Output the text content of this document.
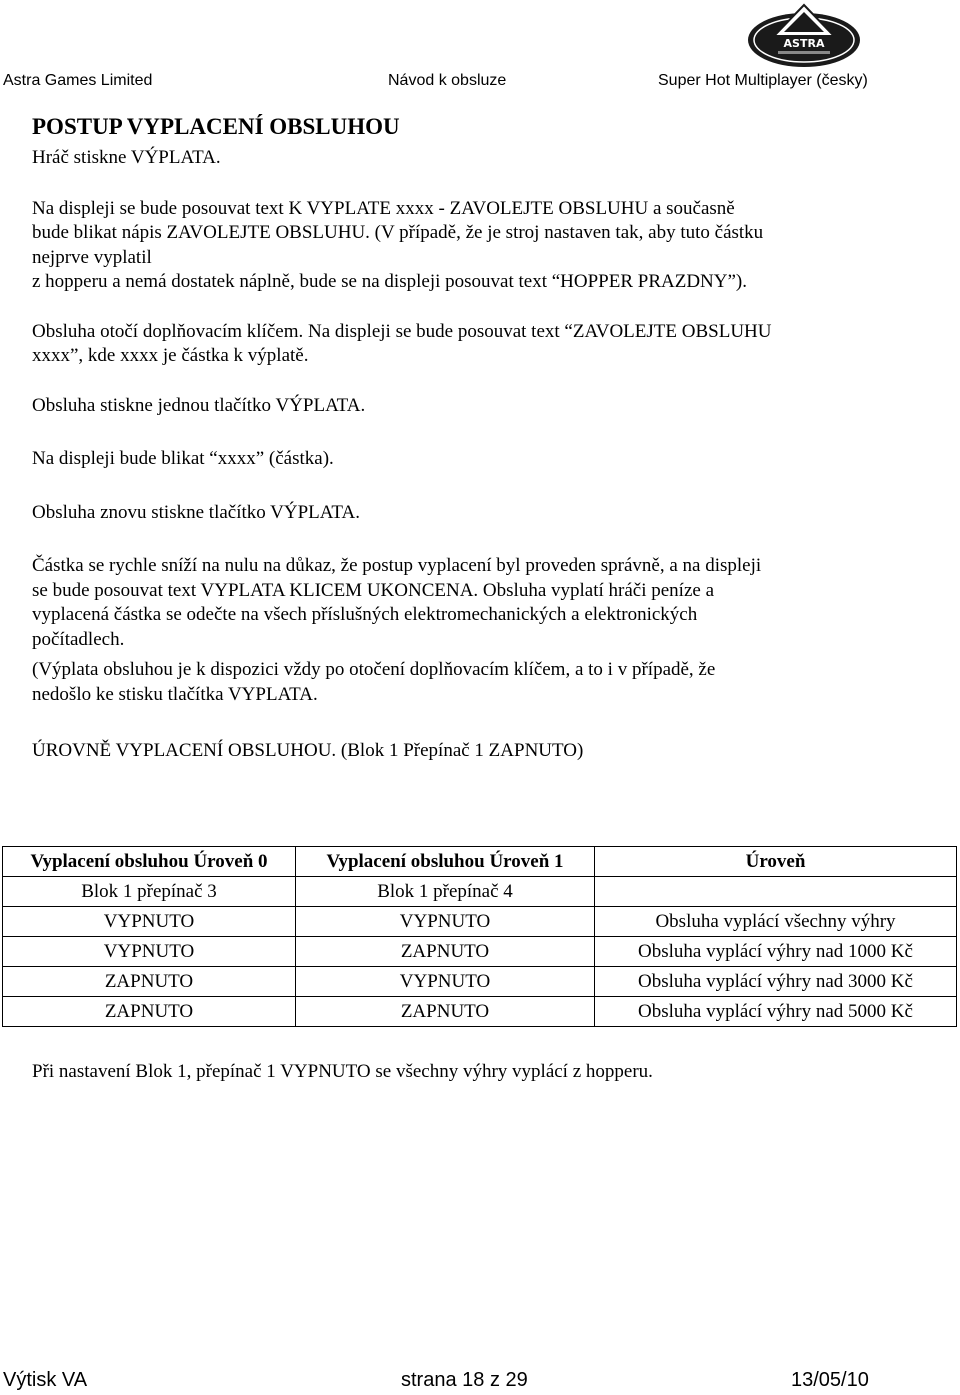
ASTRA
Astra Games Limited	Návod k obsluze	Super Hot Multiplayer (česky)
POSTUP VYPLACENÍ OBSLUHOU

Hráč stiskne VÝPLATA.

Na displeji se bude posouvat text K VYPLATE xxxx - ZAVOLEJTE OBSLUHU a současně

bude blikat nápis ZAVOLEJTE OBSLUHU. (V případě, že je stroj nastaven tak, aby tuto částku

nejprve vyplatil

z hopperu a nemá dostatek náplně, bude se na displeji posouvat text “HOPPER PRAZDNY”).

Obsluha otočí doplňovacím klíčem. Na displeji se bude posouvat text “ZAVOLEJTE OBSLUHU

xxxx”, kde xxxx je částka k výplatě.

Obsluha stiskne jednou tlačítko VÝPLATA.

Na displeji bude blikat “xxxx” (částka).

Obsluha znovu stiskne tlačítko VÝPLATA.

Částka se rychle sníží na nulu na důkaz, že postup vyplacení byl proveden správně, a na displeji

se bude posouvat text VYPLATA KLICEM UKONCENA. Obsluha vyplatí hráči peníze a

vyplacená částka se odečte na všech příslušných elektromechanických a elektronických

počítadlech.

(Výplata obsluhou je k dispozici vždy po otočení doplňovacím klíčem, a to i v případě, že

nedošlo ke stisku tlačítka VYPLATA.

ÚROVNĚ VYPLACENÍ OBSLUHOU. (Blok 1 Přepínač 1 ZAPNUTO)

Vyplacení obsluhou Úroveň 0	Vyplacení obsluhou Úroveň 1	Úroveň
Blok 1 přepínač 3	Blok 1 přepínač 4	
VYPNUTO	VYPNUTO	Obsluha vyplácí všechny výhry
VYPNUTO	ZAPNUTO	Obsluha vyplácí výhry nad 1000 Kč
ZAPNUTO	VYPNUTO	Obsluha vyplácí výhry nad 3000 Kč
ZAPNUTO	ZAPNUTO	Obsluha vyplácí výhry nad 5000 Kč

Při nastavení Blok 1, přepínač 1 VYPNUTO se všechny výhry vyplácí z hopperu.

Výtisk VA	strana 18 z 29	13/05/10
